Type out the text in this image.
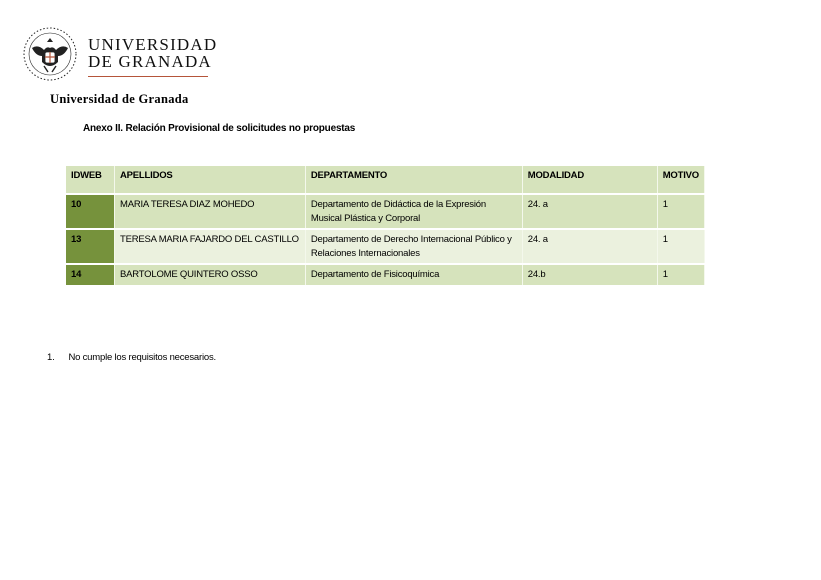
UNIVERSIDAD
DE GRANADA
Universidad de Granada
Anexo II. Relación Provisional de solicitudes no propuestas
IDWEB	APELLIDOS	DEPARTAMENTO	MODALIDAD	MOTIVO
10	MARIA TERESA DIAZ MOHEDO	Departamento de Didáctica de la Expresión Musical Plástica y Corporal	24. a	1
13	TERESA MARIA FAJARDO DEL CASTILLO	Departamento de Derecho Internacional Público y Relaciones Internacionales	24. a	1
14	BARTOLOME QUINTERO OSSO	Departamento de Fisicoquímica	24.b	1
1. No cumple los requisitos necesarios.
